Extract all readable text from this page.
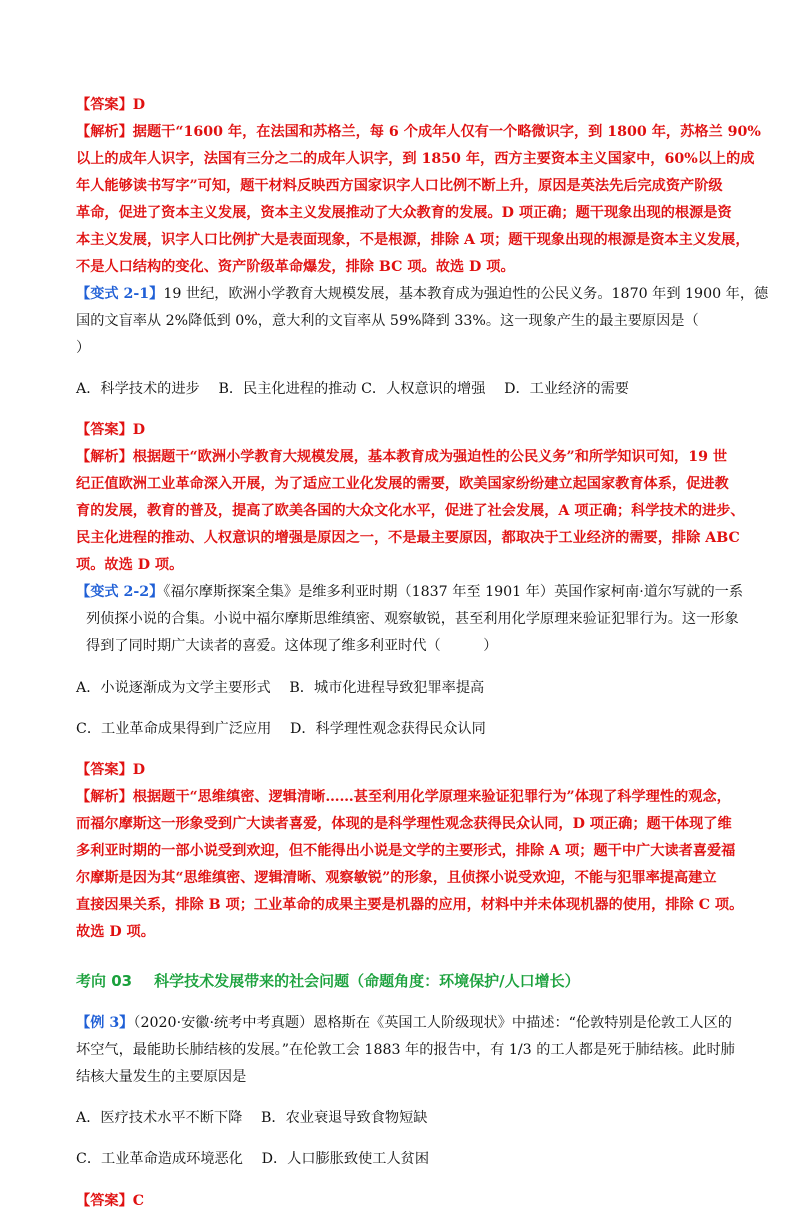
【答案】D

【解析】据题干“1600 年，在法国和苏格兰，每 6 个成年人仅有一个略微识字，到 1800 年，苏格兰 90%

以上的成年人识字，法国有三分之二的成年人识字，到 1850 年，西方主要资本主义国家中，60%以上的成

年人能够读书写字”可知，题干材料反映西方国家识字人口比例不断上升，原因是英法先后完成资产阶级

革命，促进了资本主义发展，资本主义发展推动了大众教育的发展。D 项正确；题干现象出现的根源是资

本主义发展，识字人口比例扩大是表面现象，不是根源，排除 A 项；题干现象出现的根源是资本主义发展，

不是人口结构的变化、资产阶级革命爆发，排除 BC 项。故选 D 项。

【变式 2-1】19 世纪，欧洲小学教育大规模发展，基本教育成为强迫性的公民义务。1870 年到 1900 年，德

国的文盲率从 2%降低到 0%，意大利的文盲率从 59%降到 33%。这一现象产生的最主要原因是（

）

A．科学技术的进步　 B．民主化进程的推动 C．人权意识的增强　 D．工业经济的需要

【答案】D

【解析】根据题干“欧洲小学教育大规模发展，基本教育成为强迫性的公民义务”和所学知识可知，19 世

纪正值欧洲工业革命深入开展，为了适应工业化发展的需要，欧美国家纷纷建立起国家教育体系，促进教

育的发展，教育的普及，提高了欧美各国的大众文化水平，促进了社会发展，A 项正确；科学技术的进步、

民主化进程的推动、人权意识的增强是原因之一，不是最主要原因，都取决于工业经济的需要，排除 ABC

项。故选 D 项。

【变式 2-2】《福尔摩斯探案全集》是维多利亚时期（1837 年至 1901 年）英国作家柯南·道尔写就的一系

列侦探小说的合集。小说中福尔摩斯思维缜密、观察敏锐，甚至利用化学原理来验证犯罪行为。这一形象

得到了同时期广大读者的喜爱。这体现了维多利亚时代（　　　）

A．小说逐渐成为文学主要形式　 B．城市化进程导致犯罪率提高

C．工业革命成果得到广泛应用　 D．科学理性观念获得民众认同

【答案】D

【解析】根据题干“思维缜密、逻辑清晰……甚至利用化学原理来验证犯罪行为”体现了科学理性的观念，

而福尔摩斯这一形象受到广大读者喜爱，体现的是科学理性观念获得民众认同，D 项正确；题干体现了维

多利亚时期的一部小说受到欢迎，但不能得出小说是文学的主要形式，排除 A 项；题干中广大读者喜爱福

尔摩斯是因为其“思维缜密、逻辑清晰、观察敏锐”的形象，且侦探小说受欢迎，不能与犯罪率提高建立

直接因果关系，排除 B 项；工业革命的成果主要是机器的应用，材料中并未体现机器的使用，排除 C 项。

故选 D 项。

考向 03 科学技术发展带来的社会问题（命题角度：环境保护/人口增长）

【例 3】（2020·安徽·统考中考真题）恩格斯在《英国工人阶级现状》中描述：“伦敦特别是伦敦工人区的

坏空气，最能助长肺结核的发展。”在伦敦工会 1883 年的报告中，有 1/3 的工人都是死于肺结核。此时肺

结核大量发生的主要原因是

A．医疗技术水平不断下降　 B．农业衰退导致食物短缺

C．工业革命造成环境恶化　 D．人口膨胀致使工人贫困

【答案】C
